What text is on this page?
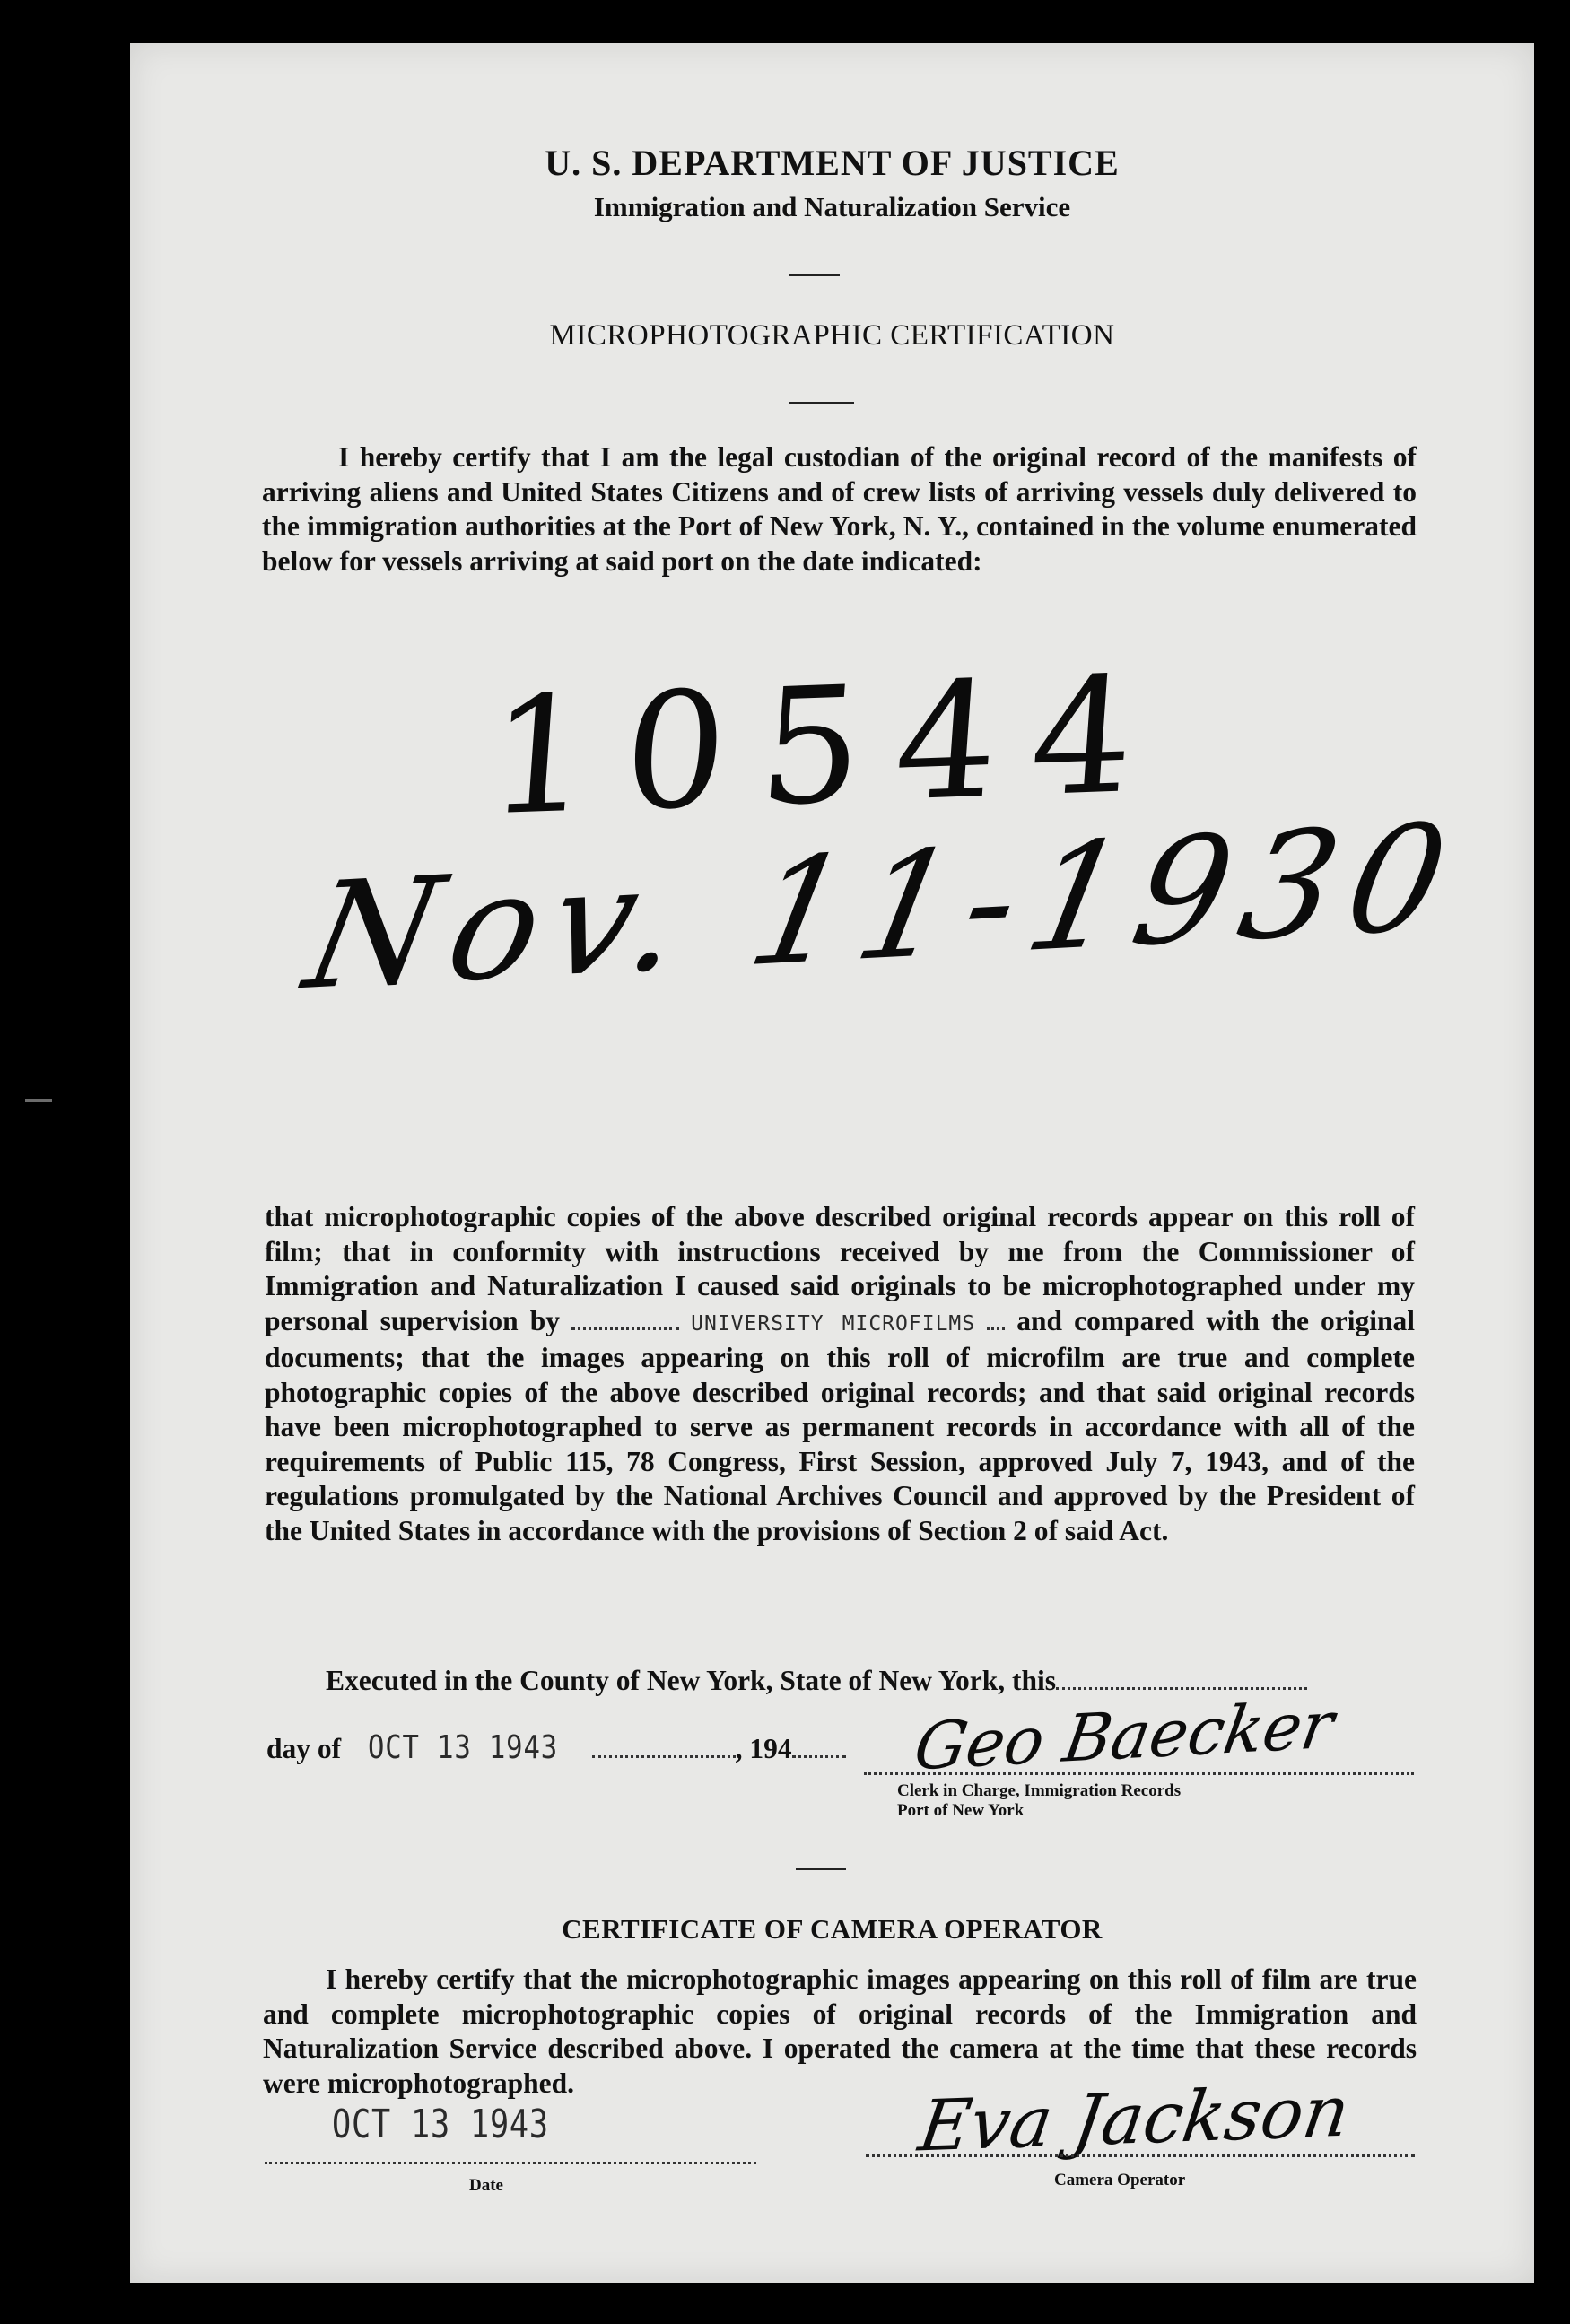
U. S. DEPARTMENT OF JUSTICE
Immigration and Naturalization Service
MICROPHOTOGRAPHIC CERTIFICATION
I hereby certify that I am the legal custodian of the original record of the manifests of arriving aliens and United States Citizens and of crew lists of arriving vessels duly delivered to the immigration authorities at the Port of New York, N. Y., contained in the volume enumerated below for vessels arriving at said port on the date indicated:
10544
Nov. 11-1930
that microphotographic copies of the above described original records appear on this roll of film; that in conformity with instructions received by me from the Commissioner of Immigration and Naturalization I caused said originals to be microphotographed under my personal supervision by	UNIVERSITY MICROFILMS and compared with the original documents; that the images appearing on this roll of microfilm are true and complete photographic copies of the above described original records; and that said original records have been microphotographed to serve as permanent records in accordance with all of the requirements of Public 115, 78 Congress, First Session, approved July 7, 1943, and of the regulations promulgated by the National Archives Council and approved by the President of the United States in accordance with the provisions of Section 2 of said Act.
Executed in the County of New York, State of New York, this
day of OCT 13 1943	, 194	Geo Baecker
Clerk in Charge, Immigration Records
Port of New York
CERTIFICATE OF CAMERA OPERATOR
I hereby certify that the microphotographic images appearing on this roll of film are true and complete microphotographic copies of original records of the Immigration and Naturalization Service described above. I operated the camera at the time that these records were microphotographed.
OCT 13 1943
Date
Eva Jackson
Camera Operator
